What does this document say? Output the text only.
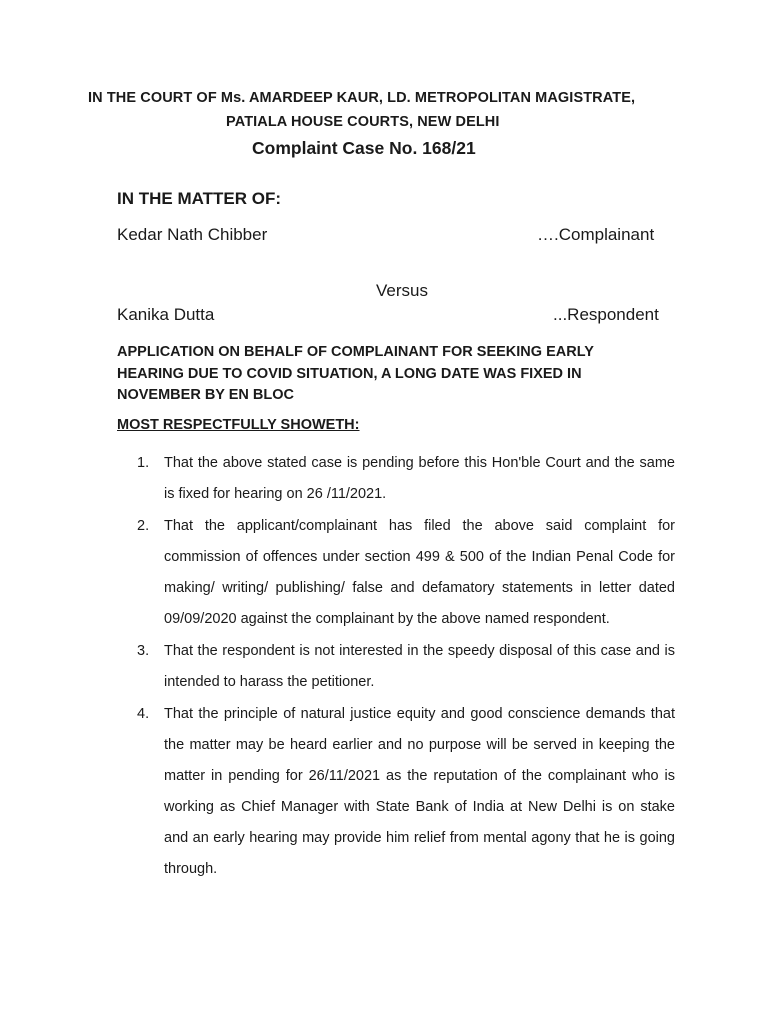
IN THE COURT OF Ms. AMARDEEP KAUR, LD. METROPOLITAN MAGISTRATE,
PATIALA HOUSE COURTS, NEW DELHI
Complaint Case No. 168/21
IN THE MATTER OF:
Kedar Nath Chibber	….Complainant
Versus
Kanika Dutta	...Respondent
APPLICATION ON BEHALF OF COMPLAINANT FOR SEEKING EARLY HEARING DUE TO COVID SITUATION, A LONG DATE WAS FIXED IN NOVEMBER BY EN BLOC
MOST RESPECTFULLY SHOWETH:
1. That the above stated case is pending before this Hon'ble Court and the same is fixed for hearing on 26 /11/2021.
2. That the applicant/complainant has filed the above said complaint for commission of offences under section 499 & 500 of the Indian Penal Code for making/ writing/ publishing/ false and defamatory statements in letter dated 09/09/2020 against the complainant by the above named respondent.
3. That the respondent is not interested in the speedy disposal of this case and is intended to harass the petitioner.
4. That the principle of natural justice equity and good conscience demands that the matter may be heard earlier and no purpose will be served in keeping the matter in pending for 26/11/2021 as the reputation of the complainant who is working as Chief Manager with State Bank of India at New Delhi is on stake and an early hearing may provide him relief from mental agony that he is going through.
